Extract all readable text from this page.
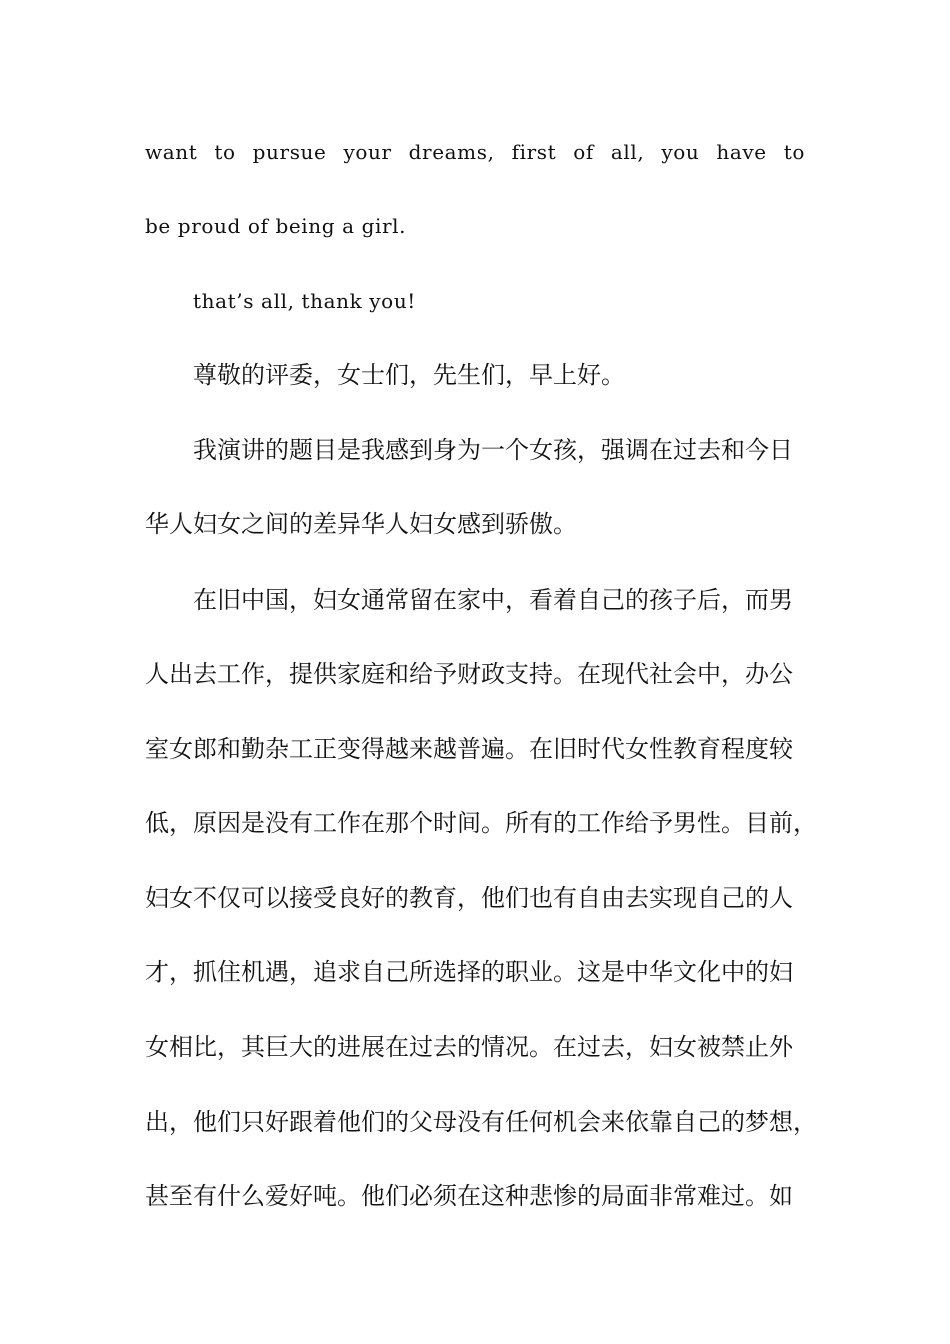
want to pursue your dreams, first of all, you have to
be proud of being a girl.
that’s all, thank you!
尊敬的评委，女士们，先生们，早上好。
我演讲的题目是我感到身为一个女孩，强调在过去和今日
华人妇女之间的差异华人妇女感到骄傲。
在旧中国，妇女通常留在家中，看着自己的孩子后，而男
人出去工作，提供家庭和给予财政支持。在现代社会中，办公
室女郎和勤杂工正变得越来越普遍。在旧时代女性教育程度较
低，原因是没有工作在那个时间。所有的工作给予男性。目前，
妇女不仅可以接受良好的教育，他们也有自由去实现自己的人
才，抓住机遇，追求自己所选择的职业。这是中华文化中的妇
女相比，其巨大的进展在过去的情况。在过去，妇女被禁止外
出，他们只好跟着他们的父母没有任何机会来依靠自己的梦想，
甚至有什么爱好吨。他们必须在这种悲惨的局面非常难过。如
